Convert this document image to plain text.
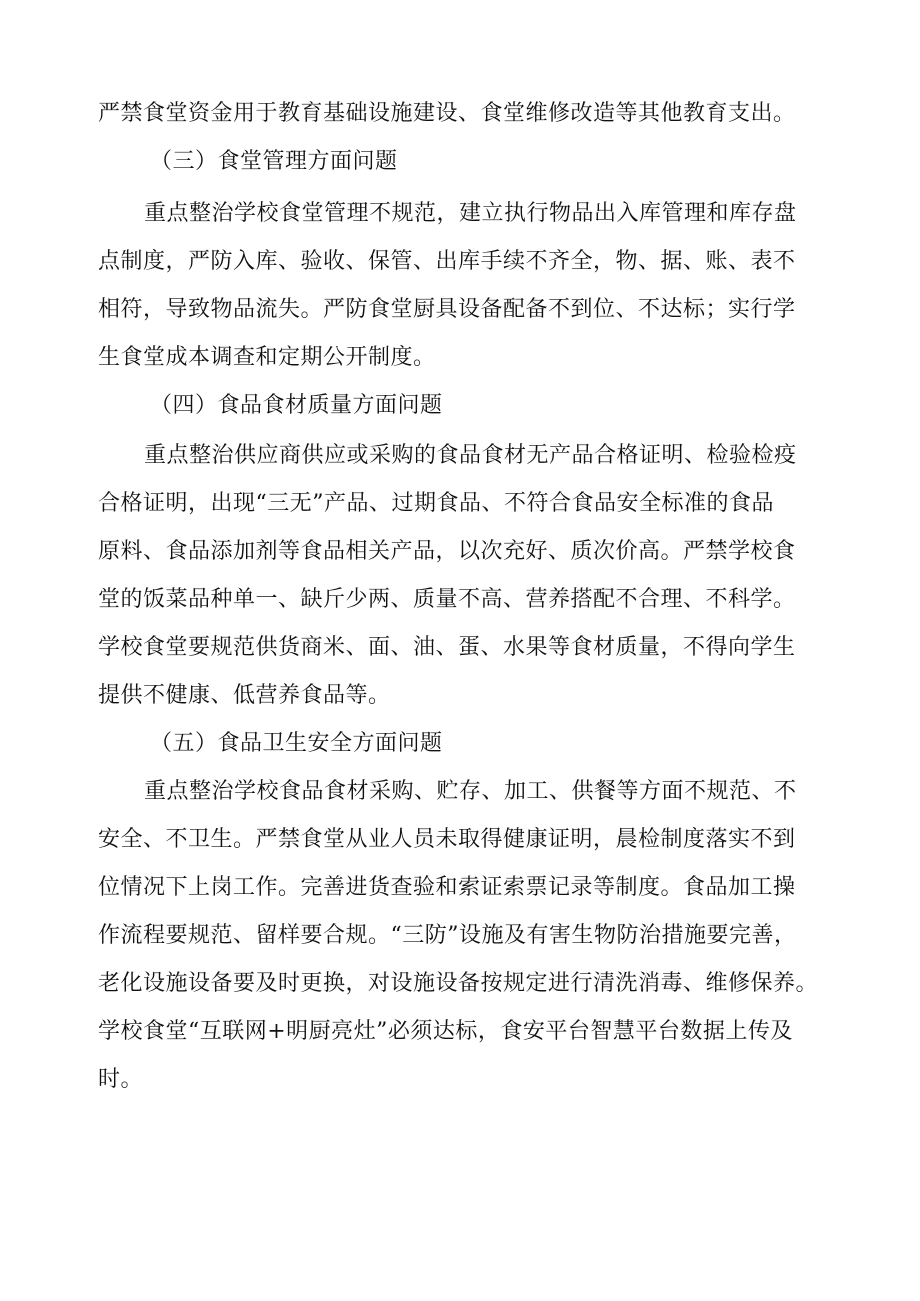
严禁食堂资金用于教育基础设施建设、食堂维修改造等其他教育支出。
（三）食堂管理方面问题
重点整治学校食堂管理不规范，建立执行物品出入库管理和库存盘
点制度，严防入库、验收、保管、出库手续不齐全，物、据、账、表不
相符，导致物品流失。严防食堂厨具设备配备不到位、不达标；实行学
生食堂成本调查和定期公开制度。
（四）食品食材质量方面问题
重点整治供应商供应或采购的食品食材无产品合格证明、检验检疫
合格证明，出现“三无”产品、过期食品、不符合食品安全标准的食品
原料、食品添加剂等食品相关产品，以次充好、质次价高。严禁学校食
堂的饭菜品种单一、缺斤少两、质量不高、营养搭配不合理、不科学。
学校食堂要规范供货商米、面、油、蛋、水果等食材质量，不得向学生
提供不健康、低营养食品等。
（五）食品卫生安全方面问题
重点整治学校食品食材采购、贮存、加工、供餐等方面不规范、不
安全、不卫生。严禁食堂从业人员未取得健康证明，晨检制度落实不到
位情况下上岗工作。完善进货查验和索证索票记录等制度。食品加工操
作流程要规范、留样要合规。“三防”设施及有害生物防治措施要完善，
老化设施设备要及时更换，对设施设备按规定进行清洗消毒、维修保养。
学校食堂“互联网+明厨亮灶”必须达标，食安平台智慧平台数据上传及
时。
